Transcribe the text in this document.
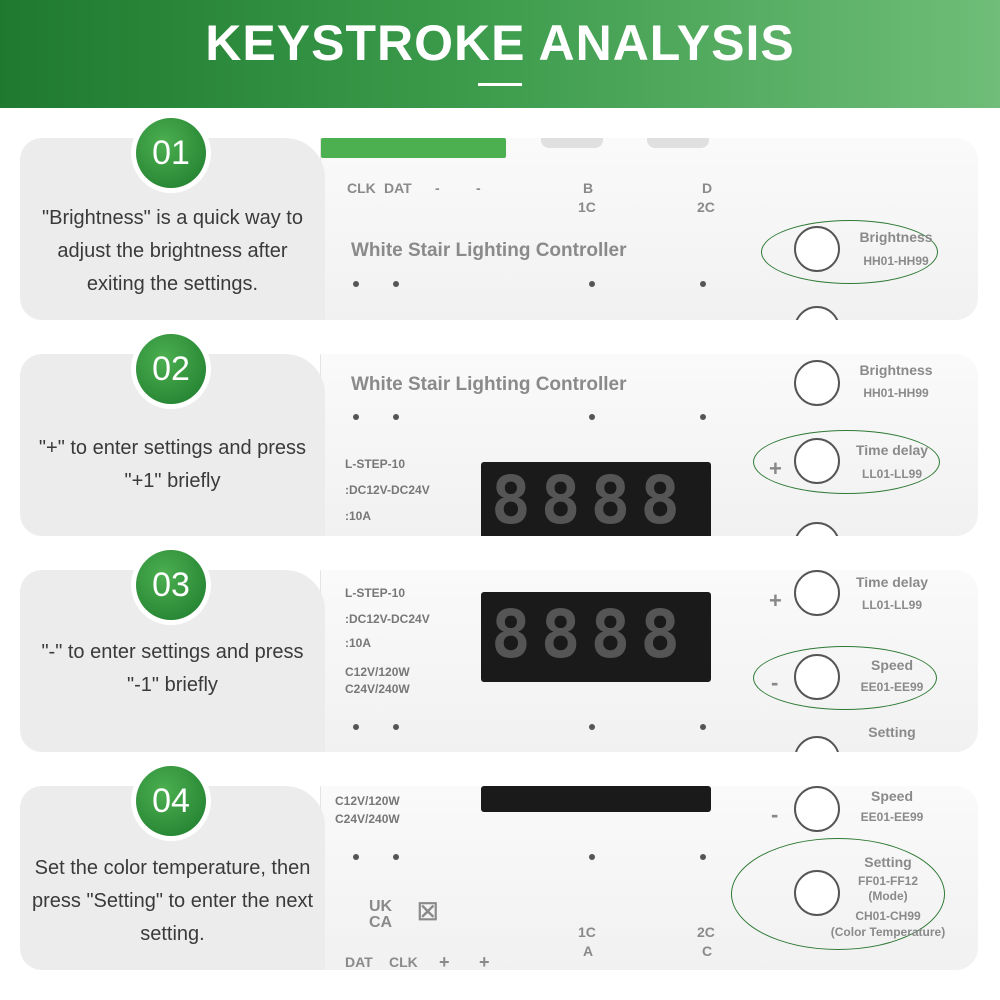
KEYSTROKE ANALYSIS
CLK DAT -	-	B
1C
D
2C
White Stair Lighting Controller
Brightness
HH01-HH99
"Brightness" is a quick way to adjust the brightness after exiting the settings.
01
White Stair Lighting Controller
L-STEP-10
:DC12V-DC24V
:10A 8888
Brightness
HH01-HH99
+
Time delay
LL01-LL99
"+" to enter settings and press "+1" briefly
02
L-STEP-10
:DC12V-DC24V
:10A
C12V/120W
C24V/240W
8888	+
Time delay
LL01-LL99
-
Speed
EE01-EE99
Setting
"-" to enter settings and press "-1" briefly
03
C12V/120W
C24V/240W
UK CA	☒
1C
A
2C
C
DAT CLK + +
-
Speed
EE01-EE99
Setting
FF01-FF12
(Mode)
CH01-CH99
(Color Temperature)
Set the color temperature, then press "Setting" to enter the next setting.
04
